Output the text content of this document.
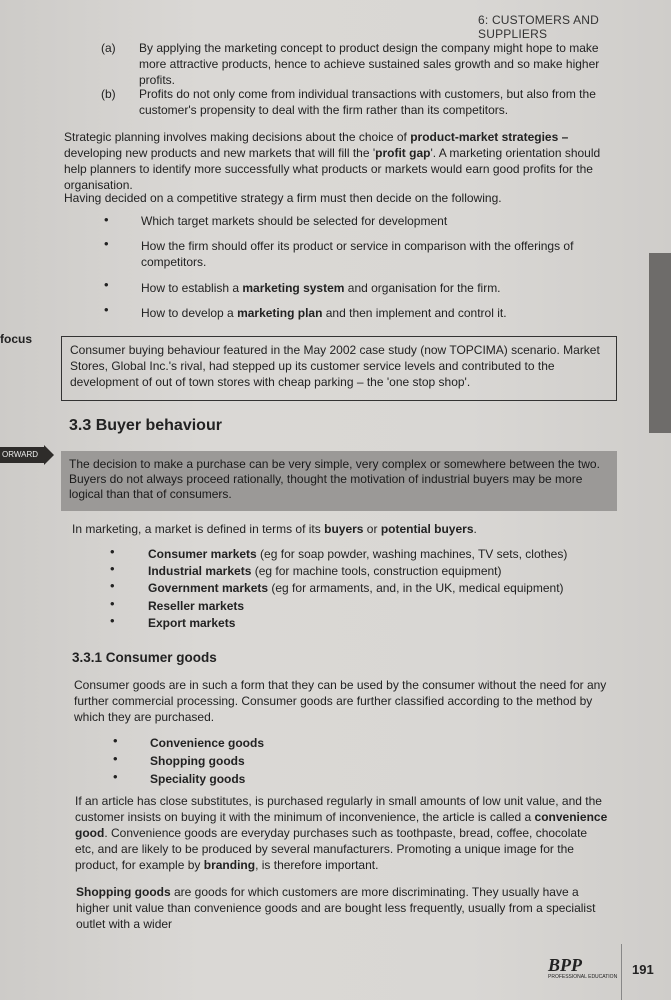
6: CUSTOMERS AND SUPPLIERS
(a) By applying the marketing concept to product design the company might hope to make more attractive products, hence to achieve sustained sales growth and so make higher profits.
(b) Profits do not only come from individual transactions with customers, but also from the customer's propensity to deal with the firm rather than its competitors.

Strategic planning involves making decisions about the choice of product-market strategies – developing new products and new markets that will fill the 'profit gap'. A marketing orientation should help planners to identify more successfully what products or markets would earn good profits for the organisation.

Having decided on a competitive strategy a firm must then decide on the following.

•	Which target markets should be selected for development
•	How the firm should offer its product or service in comparison with the offerings of competitors.
•	How to establish a marketing system and organisation for the firm.
•	How to develop a marketing plan and then implement and control it.
focus

Consumer buying behaviour featured in the May 2002 case study (now TOPCIMA) scenario. Market Stores, Global Inc.'s rival, had stepped up its customer service levels and contributed to the development of out of town stores with cheap parking – the 'one stop shop'.

3.3 Buyer behaviour
ORWARD

The decision to make a purchase can be very simple, very complex or somewhere between the two. Buyers do not always proceed rationally, thought the motivation of industrial buyers may be more logical than that of consumers.

In marketing, a market is defined in terms of its buyers or potential buyers.

•	Consumer markets (eg for soap powder, washing machines, TV sets, clothes)
•	Industrial markets (eg for machine tools, construction equipment)
•	Government markets (eg for armaments, and, in the UK, medical equipment)
•	Reseller markets
•	Export markets
3.3.1 Consumer goods

Consumer goods are in such a form that they can be used by the consumer without the need for any further commercial processing. Consumer goods are further classified according to the method by which they are purchased.

•	Convenience goods
•	Shopping goods
•	Speciality goods

If an article has close substitutes, is purchased regularly in small amounts of low unit value, and the customer insists on buying it with the minimum of inconvenience, the article is called a convenience good. Convenience goods are everyday purchases such as toothpaste, bread, coffee, chocolate etc, and are likely to be produced by several manufacturers. Promoting a unique image for the product, for example by branding, is therefore important.

Shopping goods are goods for which customers are more discriminating. They usually have a higher unit value than convenience goods and are bought less frequently, usually from a specialist outlet with a wider

BPP
PROFESSIONAL EDUCATION 191
